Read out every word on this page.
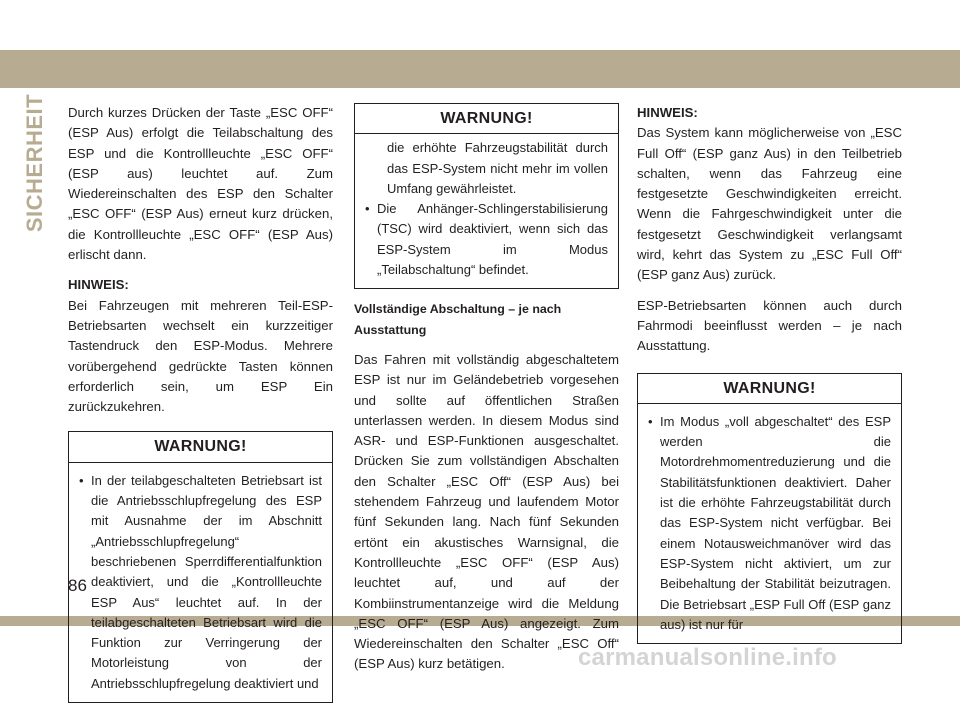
SICHERHEIT Durch kurzes Drücken der Taste „ESC OFF“ (ESP Aus) erfolgt die Teilabschaltung des ESP und die Kontrollleuchte „ESC OFF“ (ESP aus) leuchtet auf. Zum Wiedereinschalten des ESP den Schalter „ESC OFF“ (ESP Aus) erneut kurz drücken, die Kontrollleuchte „ESC OFF“ (ESP Aus) erlischt dann.

HINWEIS:

Bei Fahrzeugen mit mehreren Teil-ESP-Betriebsarten wechselt ein kurzzeitiger Tastendruck den ESP-Modus. Mehrere vorübergehend gedrückte Tasten können erforderlich sein, um ESP Ein zurückzukehren.

WARNUNG!
• In der teilabgeschalteten Betriebsart ist die Antriebsschlupfregelung des ESP mit Ausnahme der im Abschnitt „Antriebsschlupfregelung“ beschriebenen Sperrdifferentialfunktion deaktiviert, und die „Kontrollleuchte ESP Aus“ leuchtet auf. In der teilabgeschalteten Betriebsart wird die Funktion zur Verringerung der Motorleistung von der Antriebsschlupfregelung deaktiviert und
WARNUNG!
die erhöhte Fahrzeugstabilität durch das ESP-System nicht mehr im vollen Umfang gewährleistet.
• Die Anhänger-Schlingerstabilisierung (TSC) wird deaktiviert, wenn sich das ESP-System im Modus „Teilabschaltung“ befindet.
Vollständige Abschaltung – je nach Ausstattung

Das Fahren mit vollständig abgeschaltetem ESP ist nur im Geländebetrieb vorgesehen und sollte auf öffentlichen Straßen unterlassen werden. In diesem Modus sind ASR- und ESP-Funktionen ausgeschaltet. Drücken Sie zum vollständigen Abschalten den Schalter „ESC Off“ (ESP Aus) bei stehendem Fahrzeug und laufendem Motor fünf Sekunden lang. Nach fünf Sekunden ertönt ein akustisches Warnsignal, die Kontrollleuchte „ESC OFF“ (ESP Aus) leuchtet auf, und auf der Kombiinstrumentanzeige wird die Meldung „ESC OFF“ (ESP Aus) angezeigt. Zum Wiedereinschalten den Schalter „ESC Off“ (ESP Aus) kurz betätigen.

HINWEIS:

Das System kann möglicherweise von „ESC Full Off“ (ESP ganz Aus) in den Teilbetrieb schalten, wenn das Fahrzeug eine festgesetzte Geschwindigkeiten erreicht. Wenn die Fahrgeschwindigkeit unter die festgesetzt Geschwindigkeit verlangsamt wird, kehrt das System zu „ESC Full Off“ (ESP ganz Aus) zurück.

ESP-Betriebsarten können auch durch Fahrmodi beeinflusst werden – je nach Ausstattung.

WARNUNG!
• Im Modus „voll abgeschaltet“ des ESP werden die Motordrehmomentreduzierung und die Stabilitätsfunktionen deaktiviert. Daher ist die erhöhte Fahrzeugstabilität durch das ESP-System nicht verfügbar. Bei einem Notausweichmanöver wird das ESP-System nicht aktiviert, um zur Beibehaltung der Stabilität beizutragen. Die Betriebsart „ESP Full Off (ESP ganz aus) ist nur für
86
carmanualsonline.info
